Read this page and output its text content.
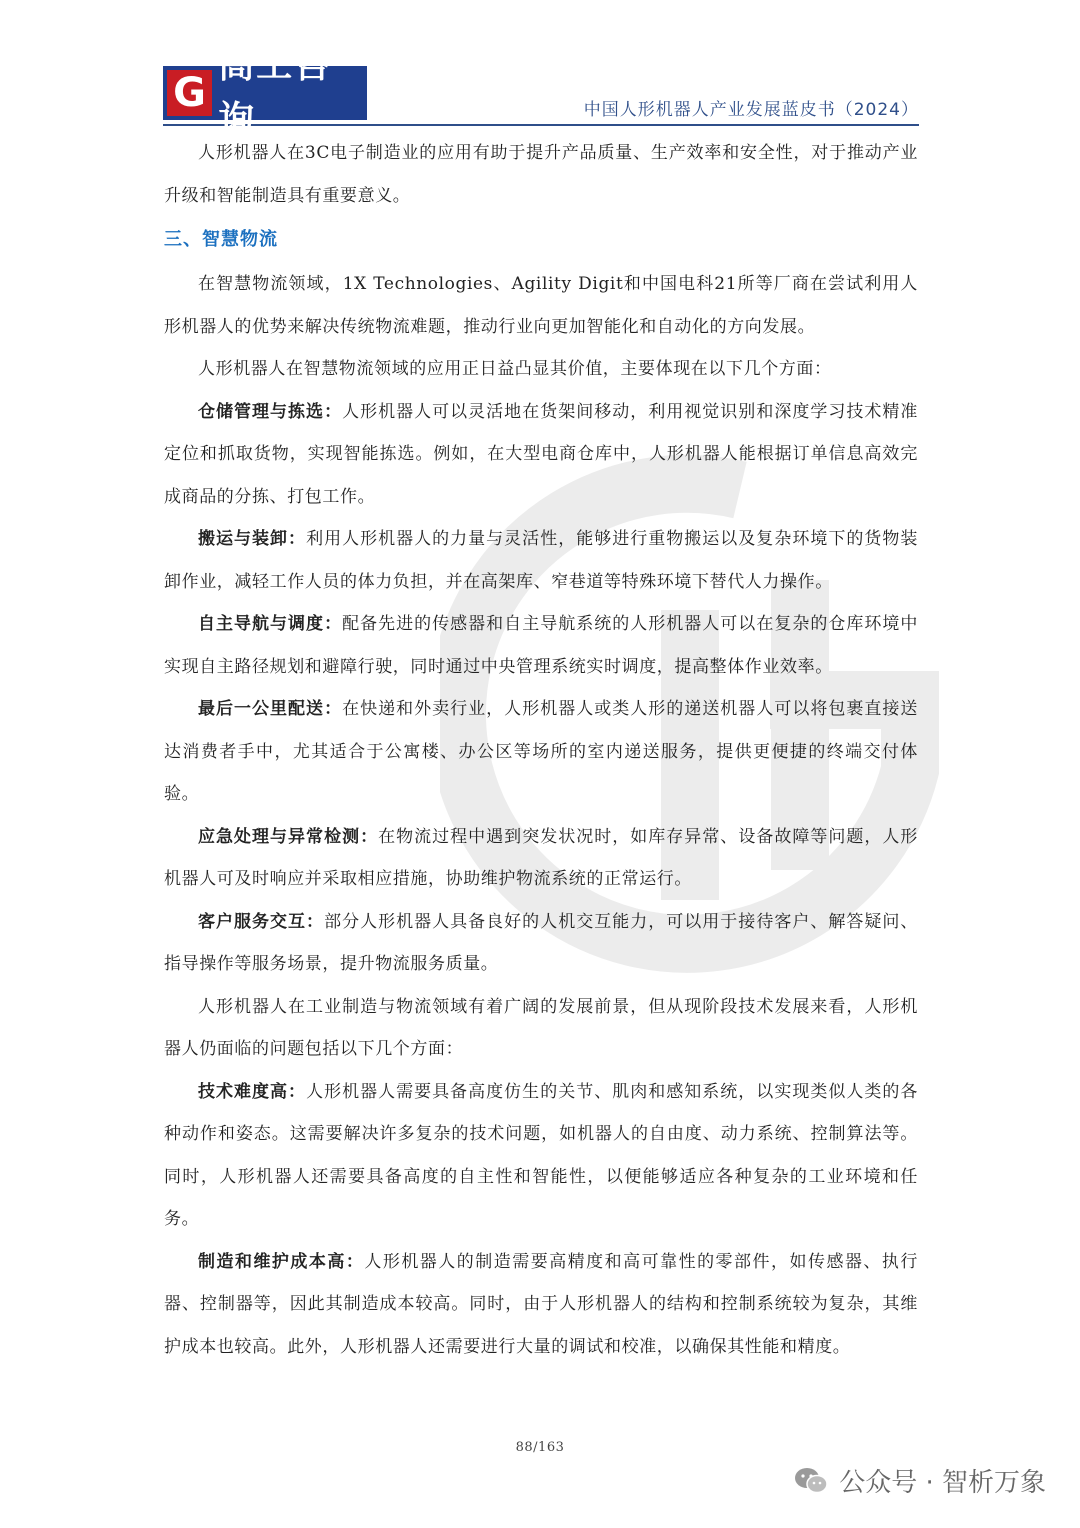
G
高工咨询	中国人形机器人产业发展蓝皮书（2024）

人形机器人在3C电子制造业的应用有助于提升产品质量、生产效率和安全性，对于推动产业升级和智能制造具有重要意义。

三、智慧物流

在智慧物流领域，1X Technologies、Agility Digit和中国电科21所等厂商在尝试利用人形机器人的优势来解决传统物流难题，推动行业向更加智能化和自动化的方向发展。

人形机器人在智慧物流领域的应用正日益凸显其价值，主要体现在以下几个方面：

仓储管理与拣选：人形机器人可以灵活地在货架间移动，利用视觉识别和深度学习技术精准定位和抓取货物，实现智能拣选。例如，在大型电商仓库中，人形机器人能根据订单信息高效完成商品的分拣、打包工作。

搬运与装卸：利用人形机器人的力量与灵活性，能够进行重物搬运以及复杂环境下的货物装卸作业，减轻工作人员的体力负担，并在高架库、窄巷道等特殊环境下替代人力操作。

自主导航与调度：配备先进的传感器和自主导航系统的人形机器人可以在复杂的仓库环境中实现自主路径规划和避障行驶，同时通过中央管理系统实时调度，提高整体作业效率。

最后一公里配送：在快递和外卖行业，人形机器人或类人形的递送机器人可以将包裹直接送达消费者手中，尤其适合于公寓楼、办公区等场所的室内递送服务，提供更便捷的终端交付体验。

应急处理与异常检测：在物流过程中遇到突发状况时，如库存异常、设备故障等问题，人形机器人可及时响应并采取相应措施，协助维护物流系统的正常运行。

客户服务交互：部分人形机器人具备良好的人机交互能力，可以用于接待客户、解答疑问、指导操作等服务场景，提升物流服务质量。

人形机器人在工业制造与物流领域有着广阔的发展前景，但从现阶段技术发展来看，人形机器人仍面临的问题包括以下几个方面：

技术难度高：人形机器人需要具备高度仿生的关节、肌肉和感知系统，以实现类似人类的各种动作和姿态。这需要解决许多复杂的技术问题，如机器人的自由度、动力系统、控制算法等。同时，人形机器人还需要具备高度的自主性和智能性，以便能够适应各种复杂的工业环境和任务。

制造和维护成本高：人形机器人的制造需要高精度和高可靠性的零部件，如传感器、执行器、控制器等，因此其制造成本较高。同时，由于人形机器人的结构和控制系统较为复杂，其维护成本也较高。此外，人形机器人还需要进行大量的调试和校准，以确保其性能和精度。

88/163
公众号 · 智析万象
